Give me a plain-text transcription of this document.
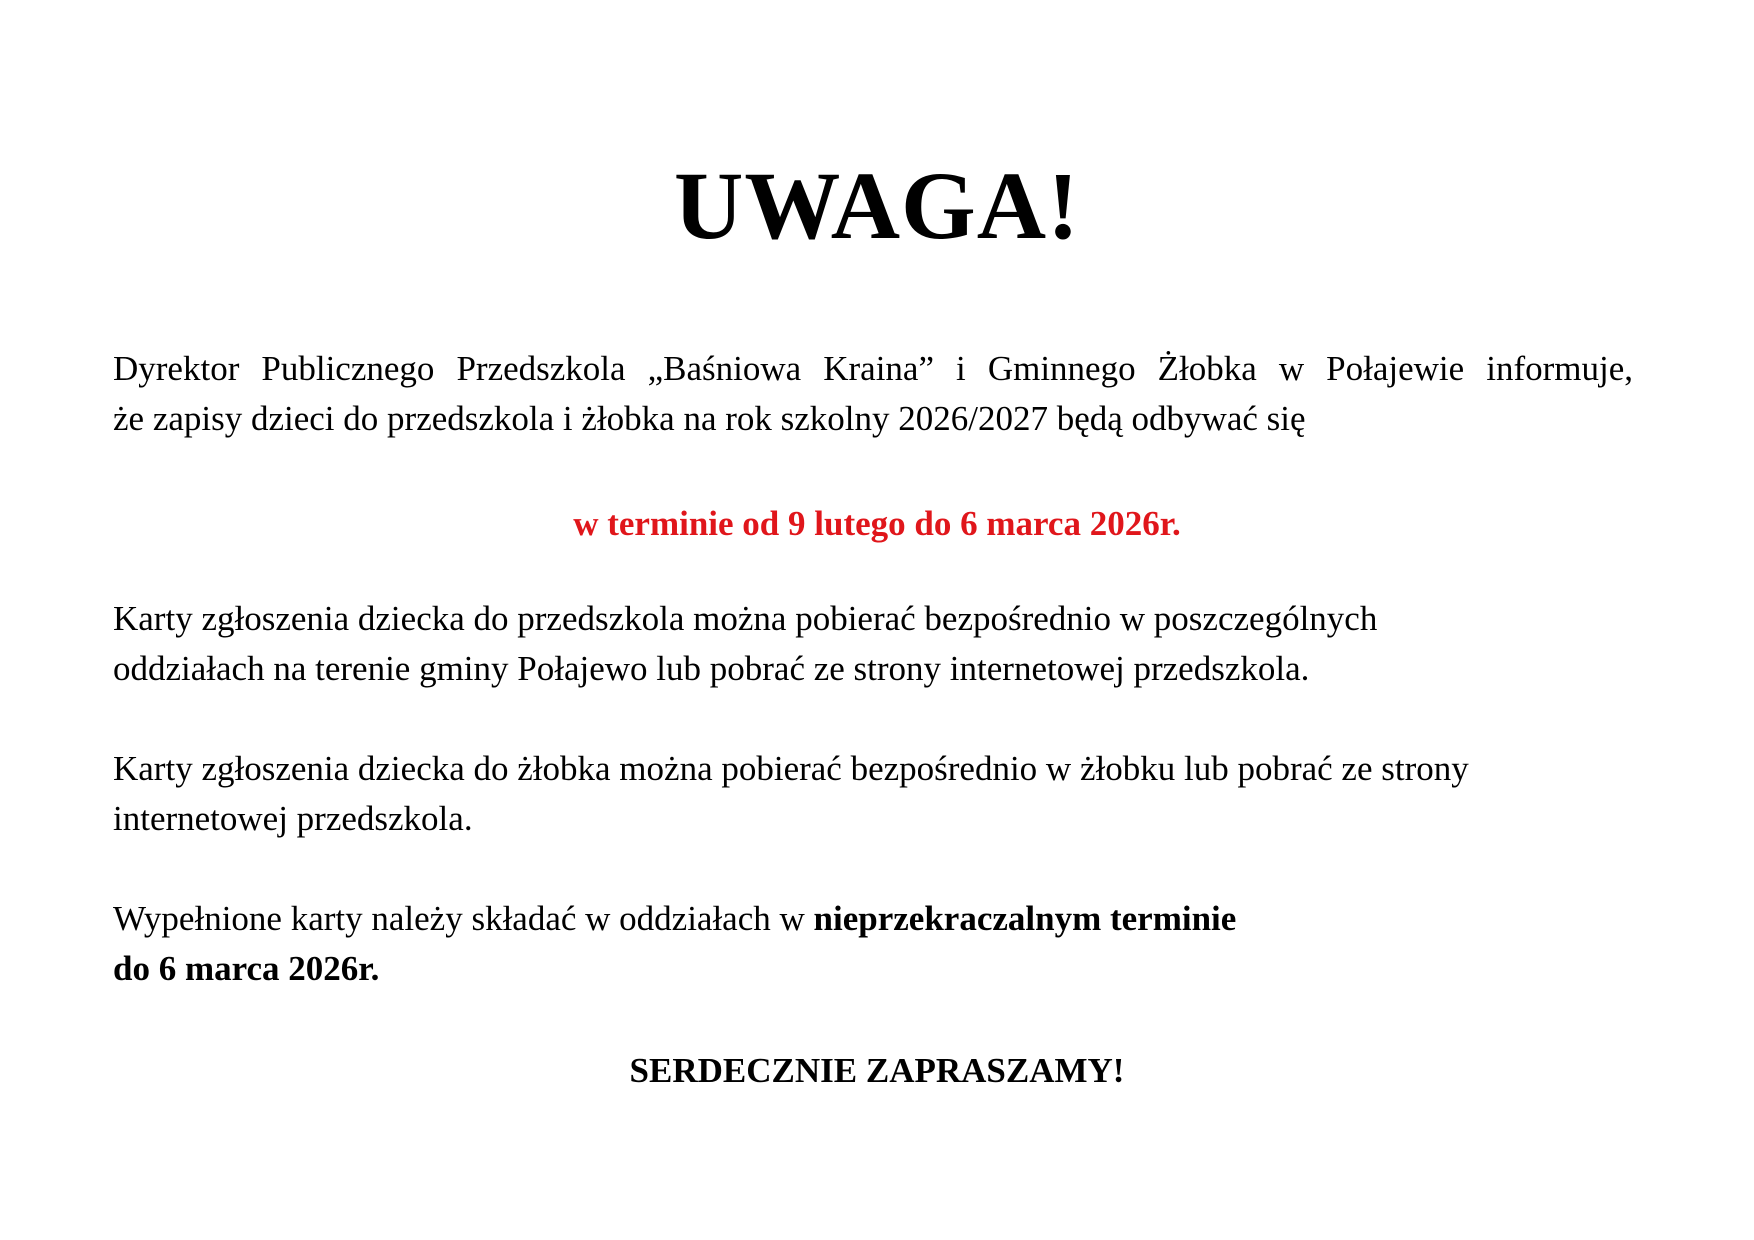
UWAGA!
Dyrektor Publicznego Przedszkola „Baśniowa Kraina” i Gminnego Żłobka w Połajewie informuje,
że zapisy dzieci do przedszkola i żłobka na rok szkolny 2026/2027 będą odbywać się
w terminie od 9 lutego do 6 marca 2026r.
Karty zgłoszenia dziecka do przedszkola można pobierać bezpośrednio w poszczególnych
oddziałach na terenie gminy Połajewo lub pobrać ze strony internetowej przedszkola.
Karty zgłoszenia dziecka do żłobka można pobierać bezpośrednio w żłobku lub pobrać ze strony
internetowej przedszkola.
Wypełnione karty należy składać w oddziałach w nieprzekraczalnym terminie
do 6 marca 2026r.
SERDECZNIE ZAPRASZAMY!
